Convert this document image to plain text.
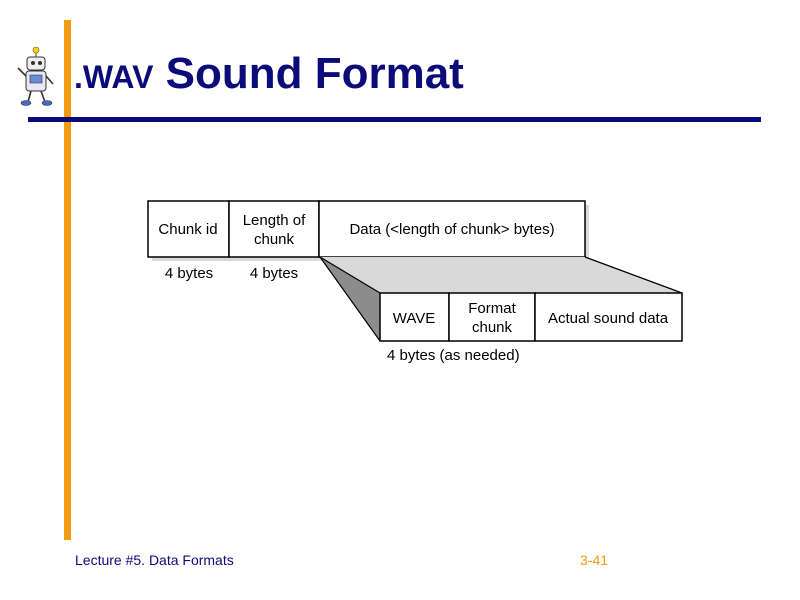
.WAV Sound Format
Chunk id
Length of
chunk
Data (<length of chunk> bytes)
4 bytes 4 bytes
WAVE
Format
chunk
Actual sound data
4 bytes (as needed)
Lecture #5. Data Formats	3-41
